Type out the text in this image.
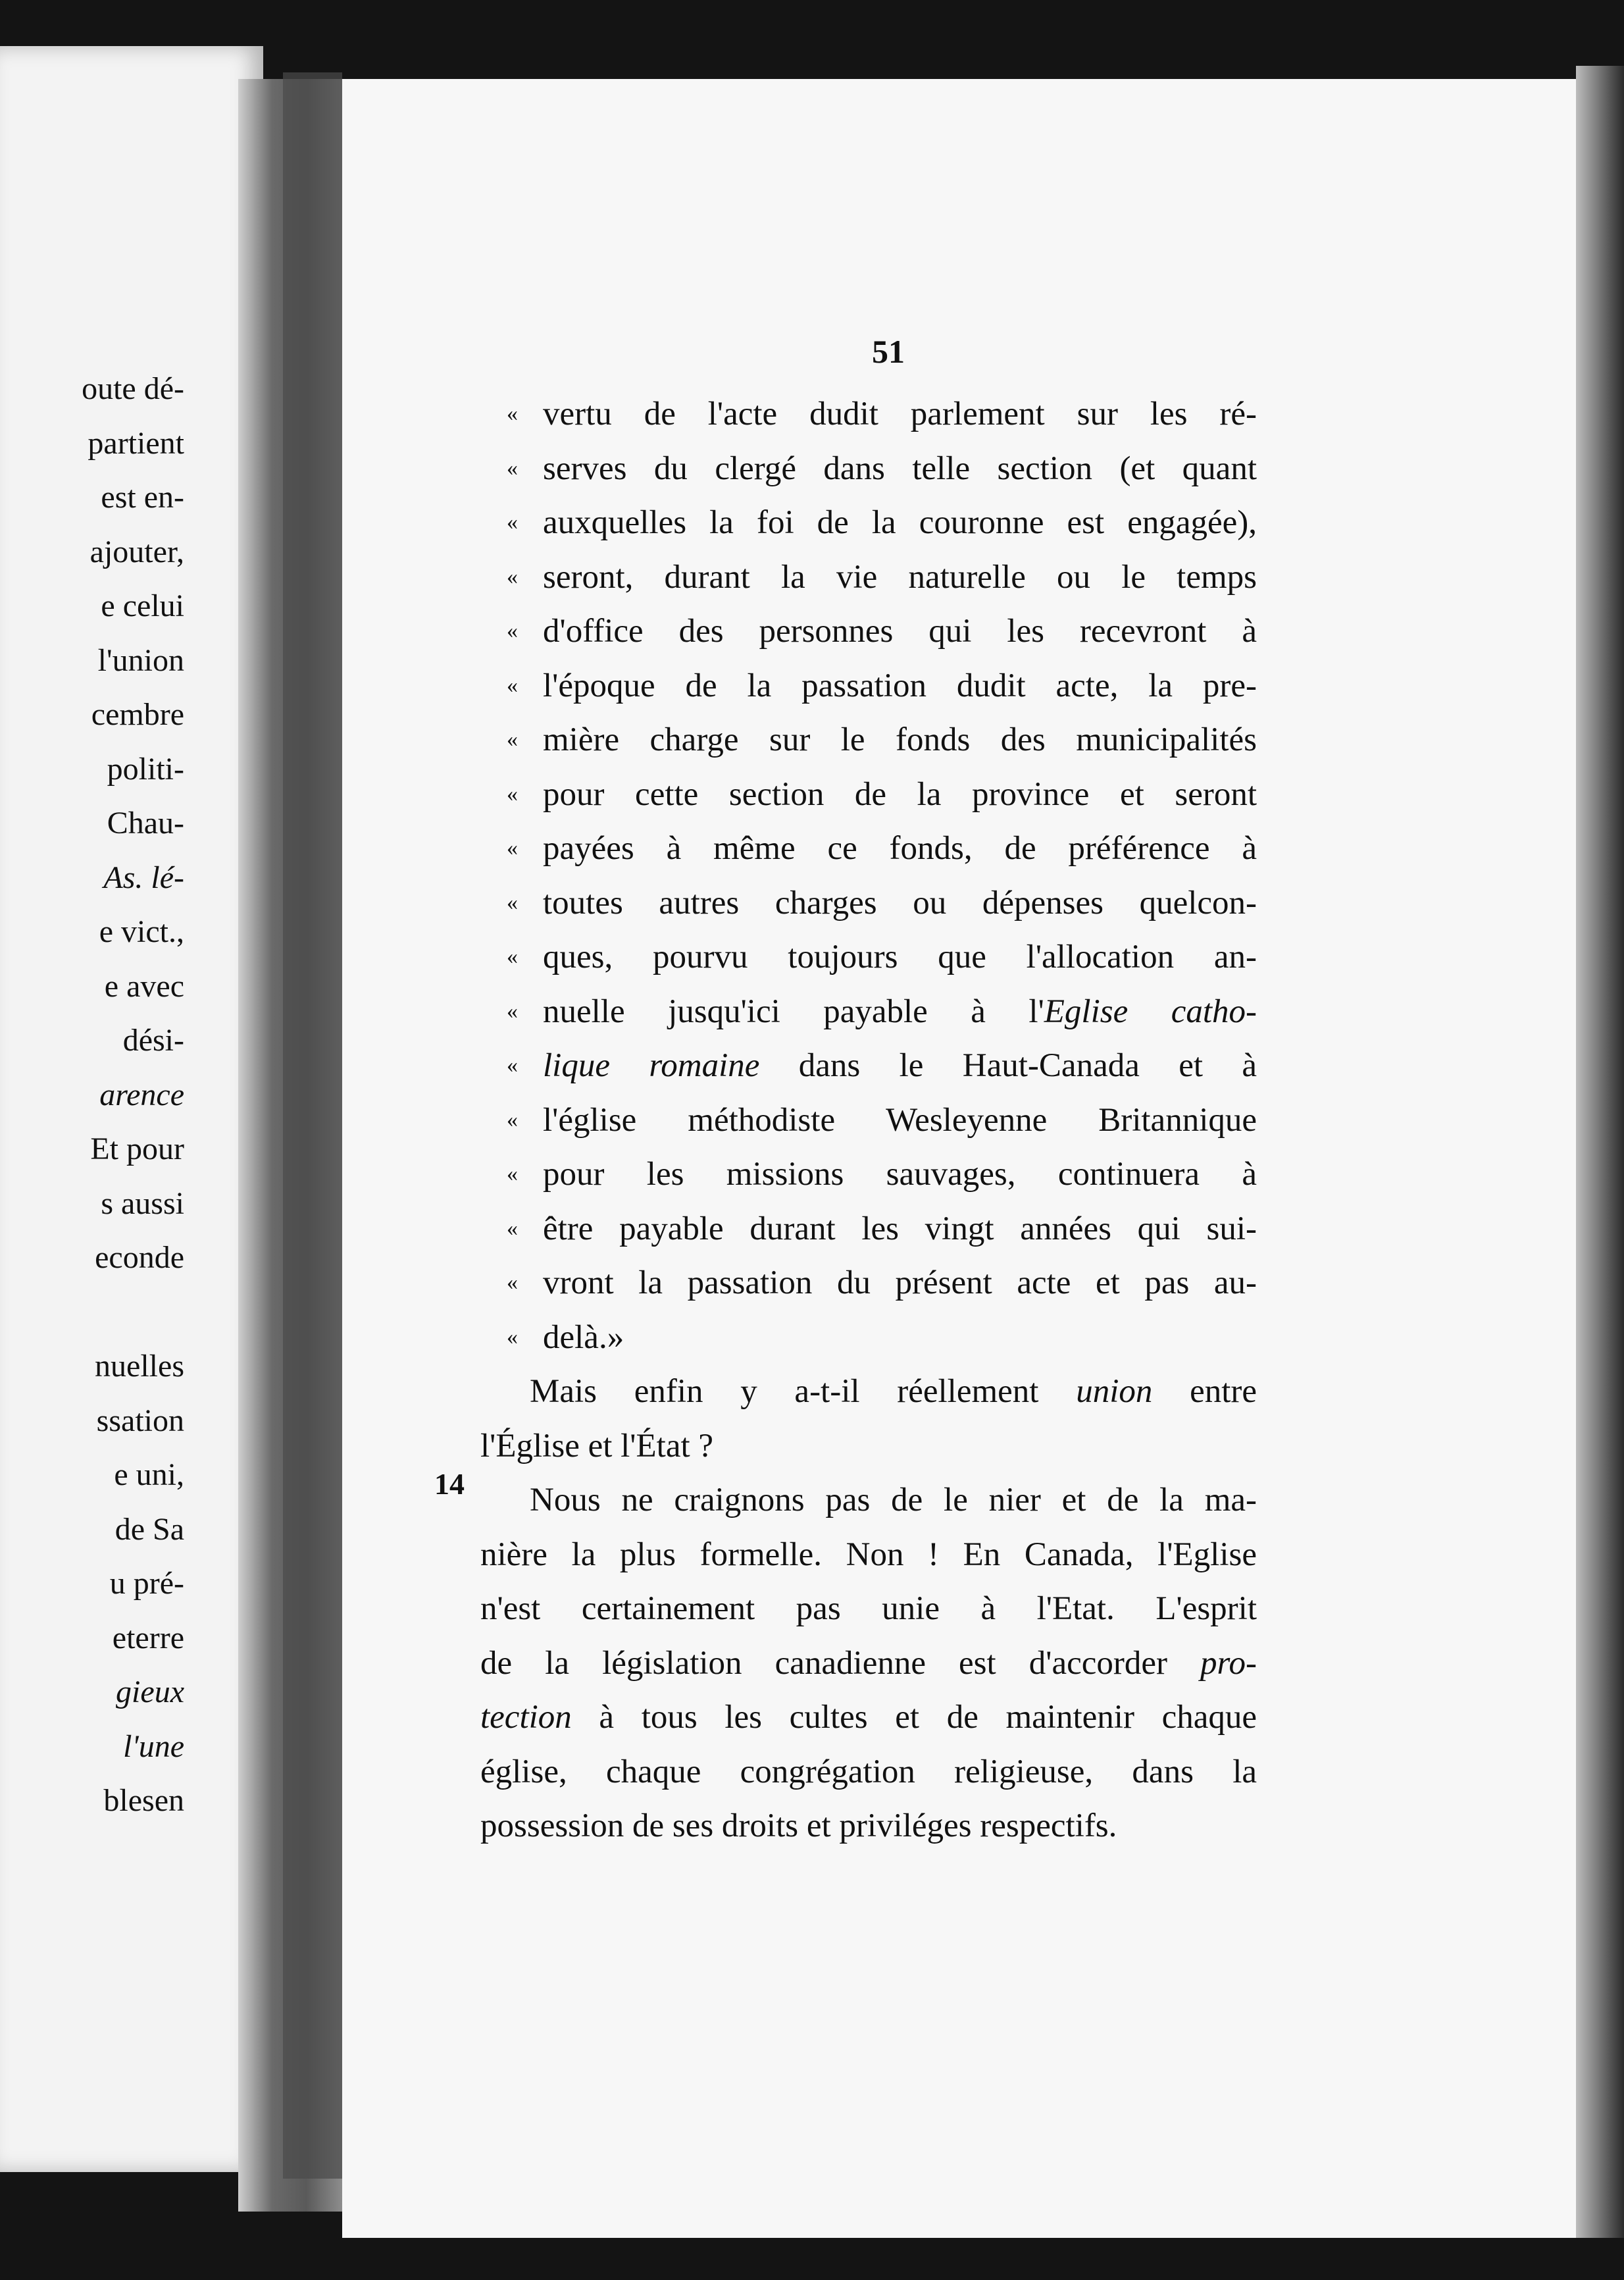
oute dé-
partient
est en-
ajouter,
e celui
l'union
cembre
politi-
Chau-
As. lé-
e vict.,
e avec
dési-
arence
Et pour
s aussi
econde
nuelles
ssation
e uni,
de Sa
u pré-
eterre
gieux
l'une
blesen
51
14
« vertu de l'acte dudit parlement sur les ré-
« serves du clergé dans telle section (et quant
« auxquelles la foi de la couronne est engagée),
« seront, durant la vie naturelle ou le temps
« d'office des personnes qui les recevront à
« l'époque de la passation dudit acte, la pre-
« mière charge sur le fonds des municipalités
« pour cette section de la province et seront
« payées à même ce fonds, de préférence à
« toutes autres charges ou dépenses quelcon-
« ques, pourvu toujours que l'allocation an-
« nuelle jusqu'ici payable à l'Eglise catho-
« lique romaine dans le Haut-Canada et à
« l'église méthodiste Wesleyenne Britannique
« pour les missions sauvages, continuera à
« être payable durant les vingt années qui sui-
« vront la passation du présent acte et pas au-
« delà.»
Mais enfin y a-t-il réellement union entre
l'Église et l'État ?
Nous ne craignons pas de le nier et de la ma-
nière la plus formelle. Non ! En Canada, l'Eglise
n'est certainement pas unie à l'Etat. L'esprit
de la législation canadienne est d'accorder pro-
tection à tous les cultes et de maintenir chaque
église, chaque congrégation religieuse, dans la
possession de ses droits et priviléges respectifs.
